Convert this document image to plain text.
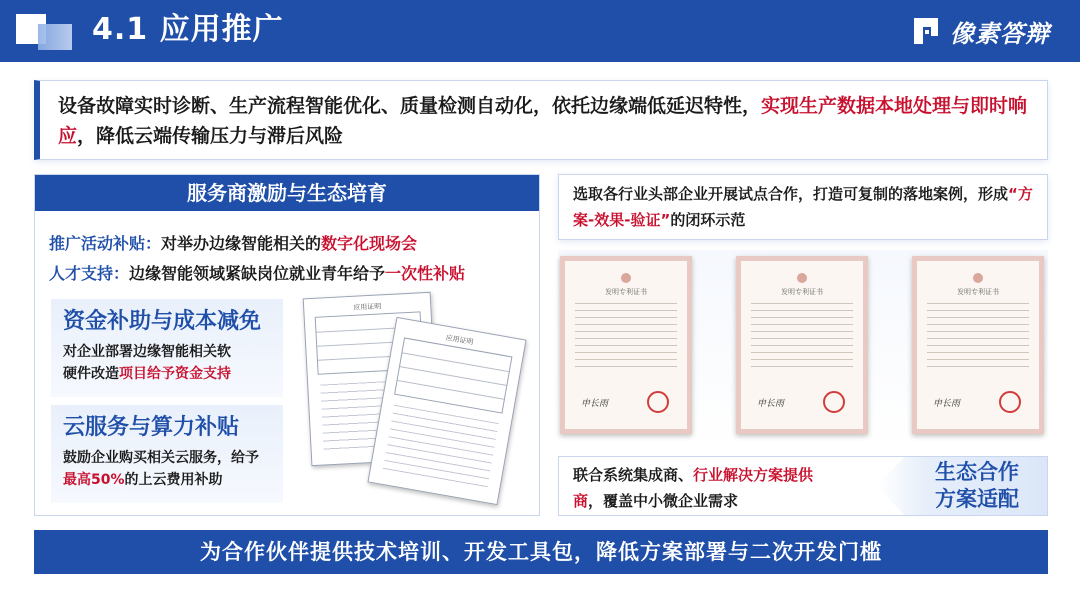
4.1 应用推广	像素答辩
设备故障实时诊断、生产流程智能优化、质量检测自动化，依托边缘端低延迟特性，实现生产数据本地处理与即时响应，降低云端传输压力与滞后风险
服务商激励与生态培育
推广活动补贴：对举办边缘智能相关的数字化现场会
人才支持：边缘智能领域紧缺岗位就业青年给予一次性补贴
资金补助与成本减免
对企业部署边缘智能相关软
硬件改造项目给予资金支持
云服务与算力补贴
鼓励企业购买相关云服务，给予
最高50%的上云费用补助
应用证明
应用证明
选取各行业头部企业开展试点合作，打造可复制的落地案例，形成“方案-效果-验证”的闭环示范
发明专利证书
申长雨
发明专利证书
申长雨
发明专利证书
申长雨
联合系统集成商、行业解决方案提供
商，覆盖中小微企业需求
生态合作
方案适配
为合作伙伴提供技术培训、开发工具包，降低方案部署与二次开发门槛
